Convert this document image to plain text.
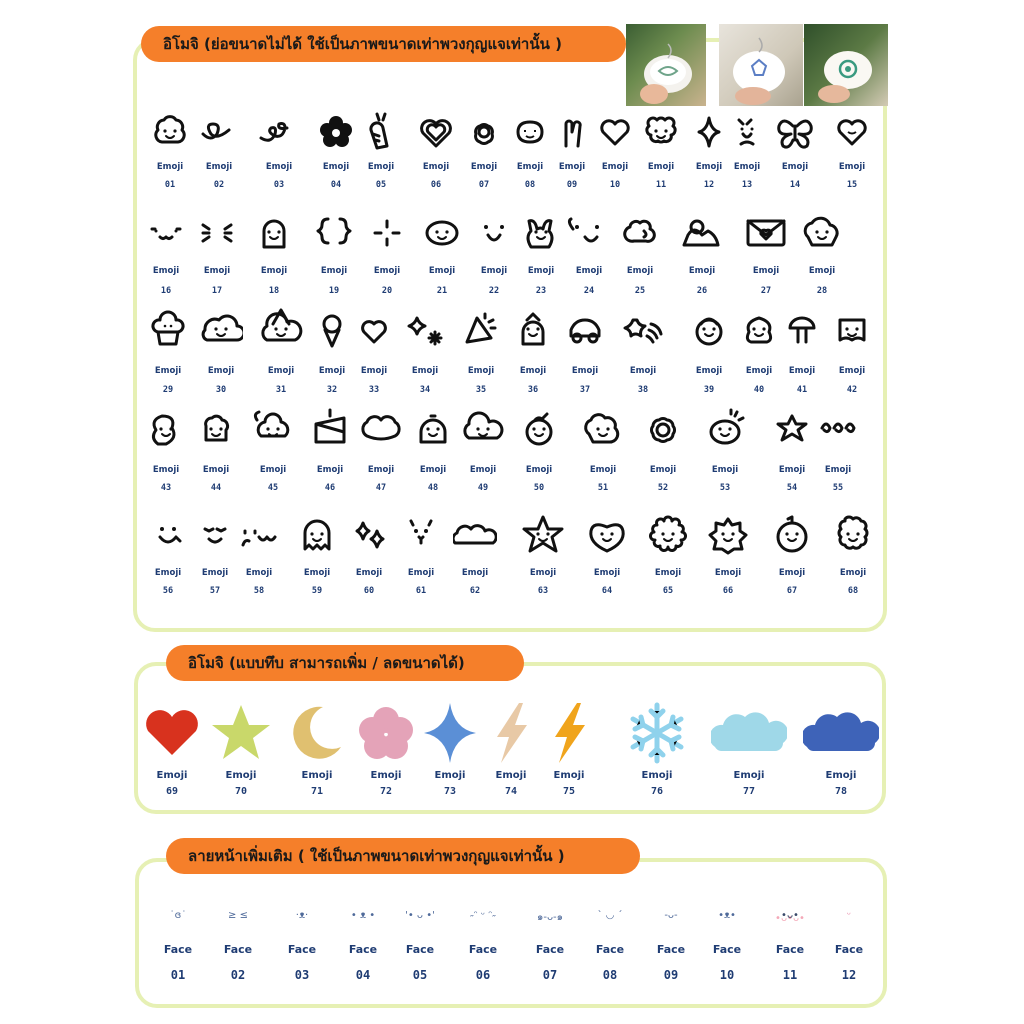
อิโมจิ (ย่อขนาดไม่ได้ ใช้เป็นภาพขนาดเท่าพวงกุญแจเท่านั้น )
อิโมจิ (แบบทึบ สามารถเพิ่ม / ลดขนาดได้)
ลายหน้าเพิ่มเติม ( ใช้เป็นภาพขนาดเท่าพวงกุญแจเท่านั้น )
Emoji
01
Emoji
02
Emoji
03
Emoji
04
Emoji
05
Emoji
06
Emoji
07
Emoji
08
Emoji
09
Emoji
10
Emoji
11
Emoji
12
Emoji
13
Emoji
14
Emoji
15
Emoji
16
Emoji
17
Emoji
18
Emoji
19
Emoji
20
Emoji
21
Emoji
22
Emoji
23
Emoji
24
Emoji
25
Emoji
26
Emoji
27
Emoji
28
Emoji
29
Emoji
30
Emoji
31
Emoji
32
Emoji
33
Emoji
34
Emoji
35
Emoji
36
Emoji
37
Emoji
38
Emoji
39
Emoji
40
Emoji
41
Emoji
42
Emoji
43
Emoji
44
Emoji
45
Emoji
46
Emoji
47
Emoji
48
Emoji
49
Emoji
50
Emoji
51
Emoji
52
Emoji
53
Emoji
54
Emoji
55
Emoji
56
Emoji
57
Emoji
58
Emoji
59
Emoji
60
Emoji
61
Emoji
62
Emoji
63
Emoji
64
Emoji
65
Emoji
66
Emoji
67
Emoji
68
Emoji
69
Emoji
70
Emoji
71
Emoji
72
Emoji
73
Emoji
74
Emoji
75
Emoji
76
Emoji
77
Emoji
78
˙ɞ˙
Face
01
≥ ≤
Face
02
·ᴥ·
Face
03
• ᴥ •
Face
04
'• ᴗ •'
Face
05
˶ᵔ ᵕ ᵔ˶
Face
06
๑-ᴗ-๑
Face
07
ˋ ◡ ˊ
Face
08
-ᴗ-
Face
09
•ᴥ•
Face
10
•ᴗ•
Face
11
ᵕ
Face
12
